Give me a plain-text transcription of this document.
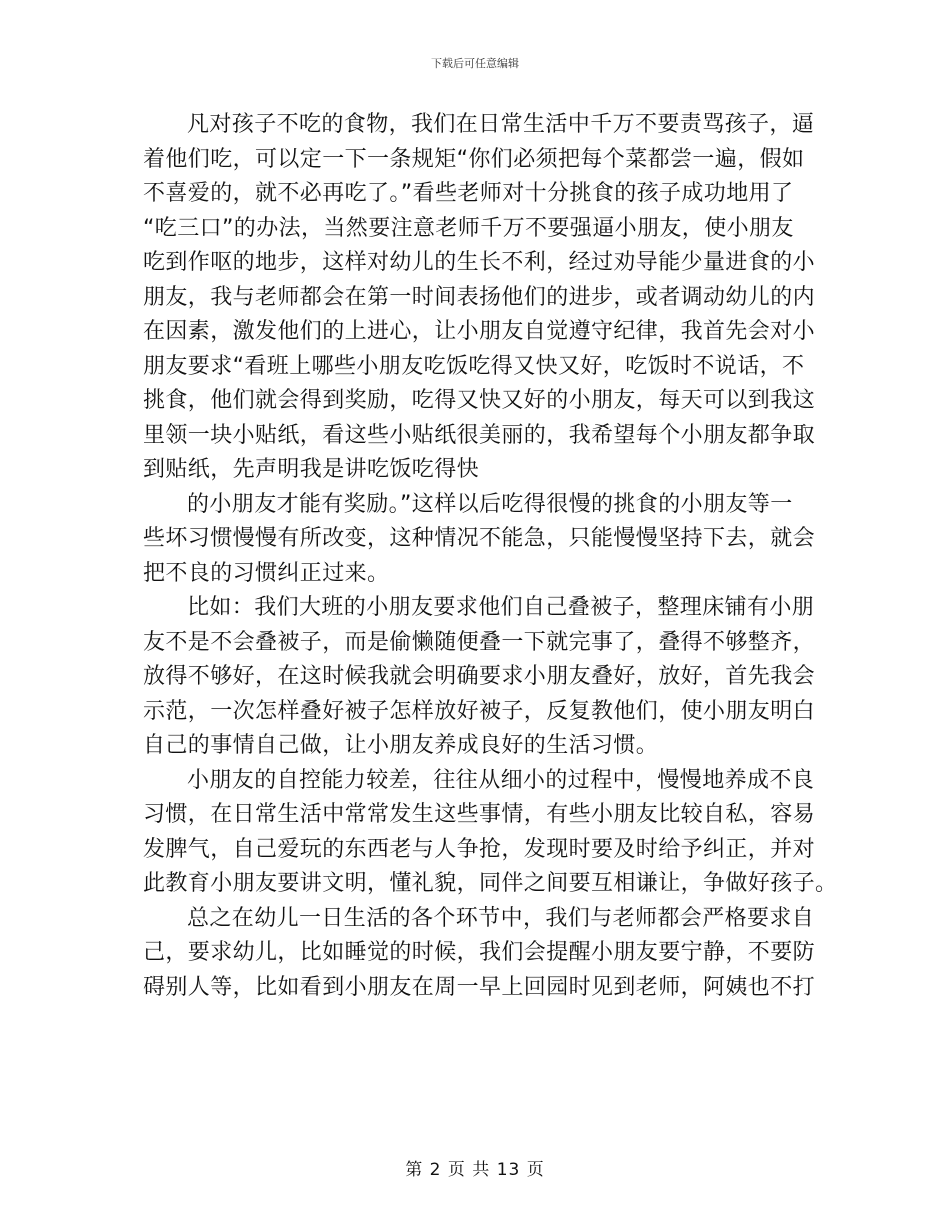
下载后可任意编辑

凡对孩子不吃的食物，我们在日常生活中千万不要责骂孩子，逼
着他们吃，可以定一下一条规矩“你们必须把每个菜都尝一遍，假如
不喜爱的，就不必再吃了。”看些老师对十分挑食的孩子成功地用了
“吃三口”的办法，当然要注意老师千万不要强逼小朋友，使小朋友
吃到作呕的地步，这样对幼儿的生长不利，经过劝导能少量进食的小
朋友，我与老师都会在第一时间表扬他们的进步，或者调动幼儿的内
在因素，激发他们的上进心，让小朋友自觉遵守纪律，我首先会对小
朋友要求“看班上哪些小朋友吃饭吃得又快又好，吃饭时不说话，不
挑食，他们就会得到奖励，吃得又快又好的小朋友，每天可以到我这
里领一块小贴纸，看这些小贴纸很美丽的，我希望每个小朋友都争取
到贴纸，先声明我是讲吃饭吃得快

的小朋友才能有奖励。”这样以后吃得很慢的挑食的小朋友等一
些坏习惯慢慢有所改变，这种情况不能急，只能慢慢坚持下去，就会
把不良的习惯纠正过来。

比如：我们大班的小朋友要求他们自己叠被子，整理床铺有小朋
友不是不会叠被子，而是偷懒随便叠一下就完事了，叠得不够整齐，
放得不够好，在这时候我就会明确要求小朋友叠好，放好，首先我会
示范，一次怎样叠好被子怎样放好被子，反复教他们，使小朋友明白
自己的事情自己做，让小朋友养成良好的生活习惯。

小朋友的自控能力较差，往往从细小的过程中，慢慢地养成不良
习惯，在日常生活中常常发生这些事情，有些小朋友比较自私，容易
发脾气，自己爱玩的东西老与人争抢，发现时要及时给予纠正，并对
此教育小朋友要讲文明，懂礼貌，同伴之间要互相谦让，争做好孩子。

总之在幼儿一日生活的各个环节中，我们与老师都会严格要求自
己，要求幼儿，比如睡觉的时候，我们会提醒小朋友要宁静，不要防
碍别人等，比如看到小朋友在周一早上回园时见到老师，阿姨也不打

第 2 页 共 13 页
